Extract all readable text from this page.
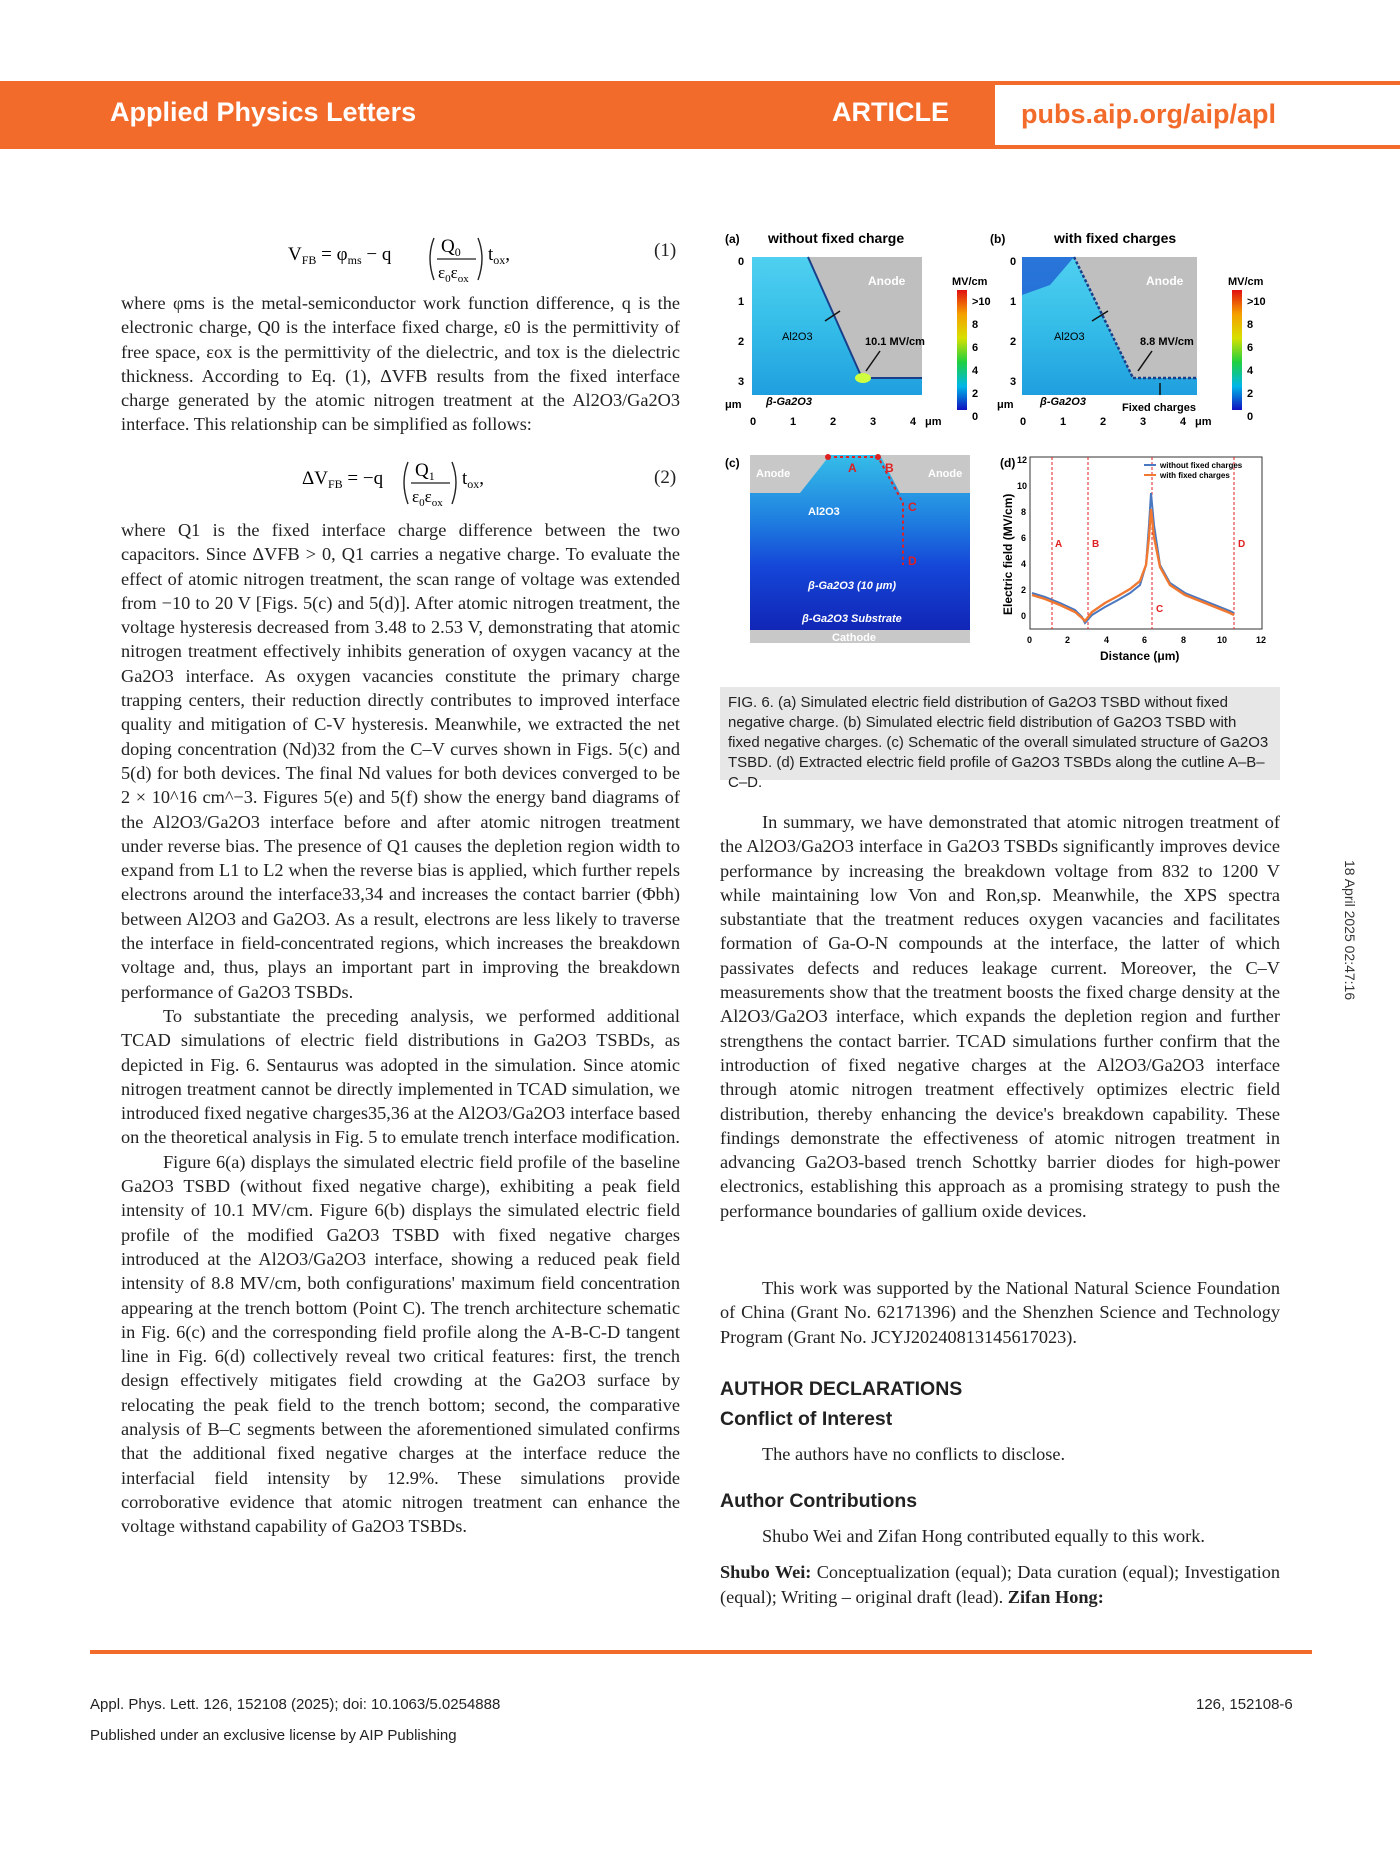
Applied Physics Letters	ARTICLE	pubs.aip.org/aip/apl
18 April 2025 02:47:16
$V_{FB} = \varphi_{ms} - q$	$Q_0$
$\varepsilon_0\varepsilon_{ox}$
$t_{ox}$,	(1)

where φms is the metal-semiconductor work function difference, q is the electronic charge, Q0 is the interface fixed charge, ε0 is the permittivity of free space, εox is the permittivity of the dielectric, and tox is the dielectric thickness. According to Eq. (1), ΔVFB results from the fixed interface charge generated by the atomic nitrogen treatment at the Al2O3/Ga2O3 interface. This relationship can be simplified as follows:

$\Delta V_{FB} = -q$ $Q_1$
$\varepsilon_0\varepsilon_{ox}$
$t_{ox}$,	(2)

where Q1 is the fixed interface charge difference between the two capacitors. Since ΔVFB > 0, Q1 carries a negative charge. To evaluate the effect of atomic nitrogen treatment, the scan range of voltage was extended from −10 to 20 V [Figs. 5(c) and 5(d)]. After atomic nitrogen treatment, the voltage hysteresis decreased from 3.48 to 2.53 V, demonstrating that atomic nitrogen treatment effectively inhibits generation of oxygen vacancy at the Ga2O3 interface. As oxygen vacancies constitute the primary charge trapping centers, their reduction directly contributes to improved interface quality and mitigation of C-V hysteresis. Meanwhile, we extracted the net doping concentration (Nd)32 from the C–V curves shown in Figs. 5(c) and 5(d) for both devices. The final Nd values for both devices converged to be 2 × 10^16 cm^−3. Figures 5(e) and 5(f) show the energy band diagrams of the Al2O3/Ga2O3 interface before and after atomic nitrogen treatment under reverse bias. The presence of Q1 causes the depletion region width to expand from L1 to L2 when the reverse bias is applied, which further repels electrons around the interface33,34 and increases the contact barrier (Φbh) between Al2O3 and Ga2O3. As a result, electrons are less likely to traverse the interface in field-concentrated regions, which increases the breakdown voltage and, thus, plays an important part in improving the breakdown performance of Ga2O3 TSBDs.

To substantiate the preceding analysis, we performed additional TCAD simulations of electric field distributions in Ga2O3 TSBDs, as depicted in Fig. 6. Sentaurus was adopted in the simulation. Since atomic nitrogen treatment cannot be directly implemented in TCAD simulation, we introduced fixed negative charges35,36 at the Al2O3/Ga2O3 interface based on the theoretical analysis in Fig. 5 to emulate trench interface modification.

Figure 6(a) displays the simulated electric field profile of the baseline Ga2O3 TSBD (without fixed negative charge), exhibiting a peak field intensity of 10.1 MV/cm. Figure 6(b) displays the simulated electric field profile of the modified Ga2O3 TSBD with fixed negative charges introduced at the Al2O3/Ga2O3 interface, showing a reduced peak field intensity of 8.8 MV/cm, both configurations' maximum field concentration appearing at the trench bottom (Point C). The trench architecture schematic in Fig. 6(c) and the corresponding field profile along the A-B-C-D tangent line in Fig. 6(d) collectively reveal two critical features: first, the trench design effectively mitigates field crowding at the Ga2O3 surface by relocating the peak field to the trench bottom; second, the comparative analysis of B–C segments between the aforementioned simulated confirms that the additional fixed negative charges at the interface reduce the interfacial field intensity by 12.9%. These simulations provide corroborative evidence that atomic nitrogen treatment can enhance the voltage withstand capability of Ga2O3 TSBDs.

(a) without fixed charge
Anode
Al2O3
β-Ga2O3
10.1 MV/cm
MV/cm
>10
8
6
4
2
0
0
1
2
3
μm
0	1	2	3	4 μm
(b)	with fixed charges
Anode
Al2O3
β-Ga2O3
8.8 MV/cm
Fixed charges
MV/cm
>10
8
6
4
2
0
0
1
2
3
μm
0	1	2	3	4 μm
(c)
Anode	Anode
Al2O3
β-Ga2O3 (10 μm)
β-Ga2O3 Substrate
Cathode
A B
C
D
(d)
Electric field (MV/cm)
Distance (μm)
0	2	4	6	8	10	12
0
2
4
6
8
10
12
A	B
C
D
without fixed charges
with fixed charges
FIG. 6. (a) Simulated electric field distribution of Ga2O3 TSBD without fixed negative charge. (b) Simulated electric field distribution of Ga2O3 TSBD with fixed negative charges. (c) Schematic of the overall simulated structure of Ga2O3 TSBD. (d) Extracted electric field profile of Ga2O3 TSBDs along the cutline A–B–C–D.

In summary, we have demonstrated that atomic nitrogen treatment of the Al2O3/Ga2O3 interface in Ga2O3 TSBDs significantly improves device performance by increasing the breakdown voltage from 832 to 1200 V while maintaining low Von and Ron,sp. Meanwhile, the XPS spectra substantiate that the treatment reduces oxygen vacancies and facilitates formation of Ga-O-N compounds at the interface, the latter of which passivates defects and reduces leakage current. Moreover, the C–V measurements show that the treatment boosts the fixed charge density at the Al2O3/Ga2O3 interface, which expands the depletion region and further strengthens the contact barrier. TCAD simulations further confirm that the introduction of fixed negative charges at the Al2O3/Ga2O3 interface through atomic nitrogen treatment effectively optimizes electric field distribution, thereby enhancing the device's breakdown capability. These findings demonstrate the effectiveness of atomic nitrogen treatment in advancing Ga2O3-based trench Schottky barrier diodes for high-power electronics, establishing this approach as a promising strategy to push the performance boundaries of gallium oxide devices.

This work was supported by the National Natural Science Foundation of China (Grant No. 62171396) and the Shenzhen Science and Technology Program (Grant No. JCYJ20240813145617023).

AUTHOR DECLARATIONS
Conflict of Interest

The authors have no conflicts to disclose.

Author Contributions

Shubo Wei and Zifan Hong contributed equally to this work.

Shubo Wei: Conceptualization (equal); Data curation (equal); Investigation (equal); Writing – original draft (lead). Zifan Hong:

Appl. Phys. Lett. 126, 152108 (2025); doi: 10.1063/5.0254888
Published under an exclusive license by AIP Publishing
126, 152108-6
